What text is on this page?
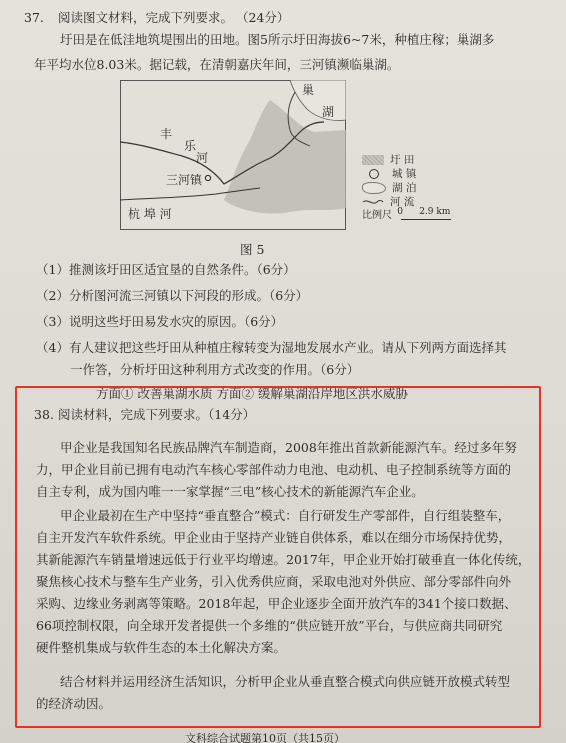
37. 阅读图文材料，完成下列要求。 （24分）
圩田是在低洼地筑堤围出的田地。图5所示圩田海拔6~7米，种植庄稼；巢湖多
年平均水位8.03米。据记载，在清朝嘉庆年间，三河镇濒临巢湖。
巢
湖
丰
乐
河
三河镇
杭 埠 河
圩 田
城 镇
湖 泊
河 流
比例尺 0 2.9 km
图 5
（1）推测该圩田区适宜垦的自然条件。（6分）
（2）分析图河流三河镇以下河段的形成。（6分）
（3）说明这些圩田易发水灾的原因。（6分）
（4）有人建议把这些圩田从种植庄稼转变为湿地发展水产业。请从下列两方面选择其
一作答，分析圩田这种利用方式改变的作用。（6分）
方面① 改善巢湖水质 方面② 缓解巢湖沿岸地区洪水威胁
38. 阅读材料，完成下列要求。（14分）
甲企业是我国知名民族品牌汽车制造商，2008年推出首款新能源汽车。经过多年努
力，甲企业目前已拥有电动汽车核心零部件动力电池、电动机、电子控制系统等方面的
自主专利，成为国内唯一一家掌握“三电”核心技术的新能源汽车企业。
甲企业最初在生产中坚持“垂直整合”模式：自行研发生产零部件，自行组装整车，
自主开发汽车软件系统。甲企业由于坚持产业链自供体系，难以在细分市场保持优势，
其新能源汽车销量增速远低于行业平均增速。2017年，甲企业开始打破垂直一体化传统，
聚焦核心技术与整车生产业务，引入优秀供应商，采取电池对外供应、部分零部件向外
采购、边缘业务剥离等策略。2018年起，甲企业逐步全面开放汽车的341个接口数据、
66项控制权限，向全球开发者提供一个多维的“供应链开放”平台，与供应商共同研究
硬件整机集成与软件生态的本土化解决方案。
结合材料并运用经济生活知识，分析甲企业从垂直整合模式向供应链开放模式转型
的经济动因。
文科综合试题第10页（共15页）
